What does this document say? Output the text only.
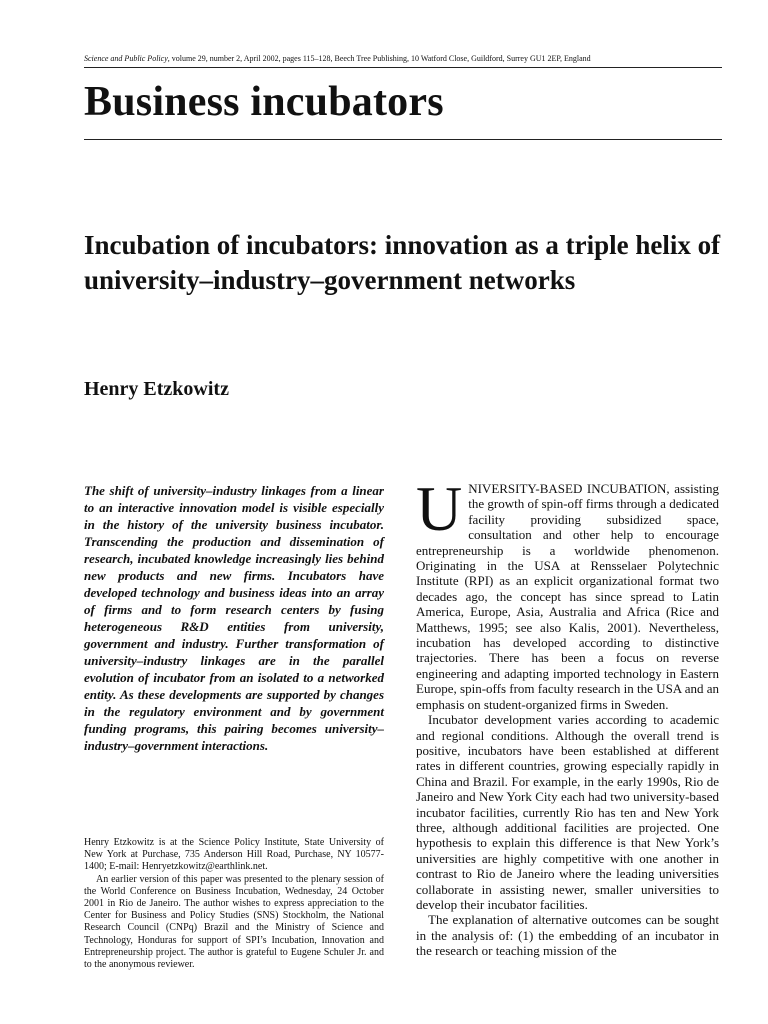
Science and Public Policy, volume 29, number 2, April 2002, pages 115–128, Beech Tree Publishing, 10 Watford Close, Guildford, Surrey GU1 2EP, England
Business incubators
Incubation of incubators: innovation as a triple helix of university–industry–government networks
Henry Etzkowitz

The shift of university–industry linkages from a linear to an interactive innovation model is visible especially in the history of the university business incubator. Transcending the production and dissemination of research, incubated knowledge increasingly lies behind new products and new firms. Incubators have developed technology and business ideas into an array of firms and to form research centers by fusing heterogeneous R&D entities from university, government and industry. Further transformation of university–industry linkages are in the parallel evolution of incubator from an isolated to a networked entity. As these developments are supported by changes in the regulatory environment and by government funding programs, this pairing becomes university–industry–government interactions.

Henry Etzkowitz is at the Science Policy Institute, State University of New York at Purchase, 735 Anderson Hill Road, Purchase, NY 10577-1400; E-mail: Henryetzkowitz@earthlink.net.

An earlier version of this paper was presented to the plenary session of the World Conference on Business Incubation, Wednesday, 24 October 2001 in Rio de Janeiro. The author wishes to express appreciation to the Center for Business and Policy Studies (SNS) Stockholm, the National Research Council (CNPq) Brazil and the Ministry of Science and Technology, Honduras for support of SPI’s Incubation, Innovation and Entrepreneurship project. The author is grateful to Eugene Schuler Jr. and to the anonymous reviewer.

UNIVERSITY-BASED INCUBATION, assisting the growth of spin-off firms through a dedicated facility providing subsidized space, consultation and other help to encourage entrepreneurship is a worldwide phenomenon. Originating in the USA at Rensselaer Polytechnic Institute (RPI) as an explicit organizational format two decades ago, the concept has since spread to Latin America, Europe, Asia, Australia and Africa (Rice and Matthews, 1995; see also Kalis, 2001). Nevertheless, incubation has developed according to distinctive trajectories. There has been a focus on reverse engineering and adapting imported technology in Eastern Europe, spin-offs from faculty research in the USA and an emphasis on student-organized firms in Sweden.

Incubator development varies according to academic and regional conditions. Although the overall trend is positive, incubators have been established at different rates in different countries, growing especially rapidly in China and Brazil. For example, in the early 1990s, Rio de Janeiro and New York City each had two university-based incubator facilities, currently Rio has ten and New York three, although additional facilities are projected. One hypothesis to explain this difference is that New York’s universities are highly competitive with one another in contrast to Rio de Janeiro where the leading universities collaborate in assisting newer, smaller universities to develop their incubator facilities.

The explanation of alternative outcomes can be sought in the analysis of: (1) the embedding of an incubator in the research or teaching mission of the
